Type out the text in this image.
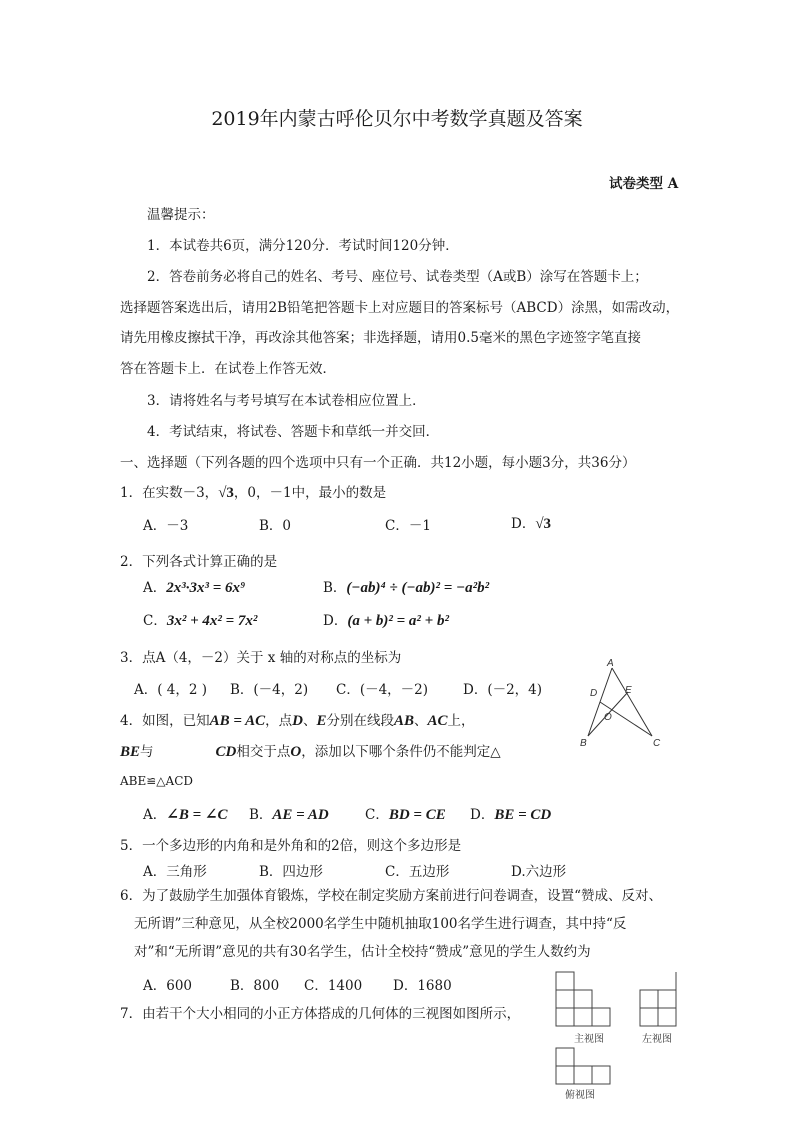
2019年内蒙古呼伦贝尔中考数学真题及答案
试卷类型 A
温馨提示：
1．本试卷共6页，满分120分．考试时间120分钟．
2．答卷前务必将自己的姓名、考号、座位号、试卷类型（A或B）涂写在答题卡上；
选择题答案选出后，请用2B铅笔把答题卡上对应题目的答案标号（ABCD）涂黑，如需改动，
请先用橡皮擦拭干净，再改涂其他答案；非选择题，请用0.5毫米的黑色字迹签字笔直接
答在答题卡上．在试卷上作答无效．
3．请将姓名与考号填写在本试卷相应位置上．
4．考试结束，将试卷、答题卡和草纸一并交回．
一、选择题（下列各题的四个选项中只有一个正确．共12小题，每小题3分，共36分）
1．在实数－3，√3，0，－1中，最小的数是
A．－3	B．0	C．－1	D．√3
2．下列各式计算正确的是
A．2x³·3x³ = 6x⁹	B．(−ab)⁴ ÷ (−ab)² = −a²b²
C．3x² + 4x² = 7x²	D．(a + b)² = a² + b²
3．点A（4，－2）关于 x 轴的对称点的坐标为
A．( 4，2 ) B．(－4，2) C．(－4，－2)	D．(－2，4)
A
D	E
O
B	C
4．如图，已知AB = AC，点D、E分别在线段AB、AC上，
BE与	CD相交于点O，添加以下哪个条件仍不能判定△
ABE≌△ACD
A．∠B = ∠C B．AE = AD	C．BD = CE D．BE = CD
5．一个多边形的内角和是外角和的2倍，则这个多边形是
A．三角形	B．四边形	C．五边形	D.六边形
6．为了鼓励学生加强体育锻炼，学校在制定奖励方案前进行问卷调查，设置“赞成、反对、
无所谓”三种意见，从全校2000名学生中随机抽取100名学生进行调查，其中持“反
对”和“无所谓”意见的共有30名学生，估计全校持“赞成”意见的学生人数约为
A．600	B．800 C．1400 D．1680
7．由若干个大小相同的小正方体搭成的几何体的三视图如图所示，
主视图	左视图
俯视图
